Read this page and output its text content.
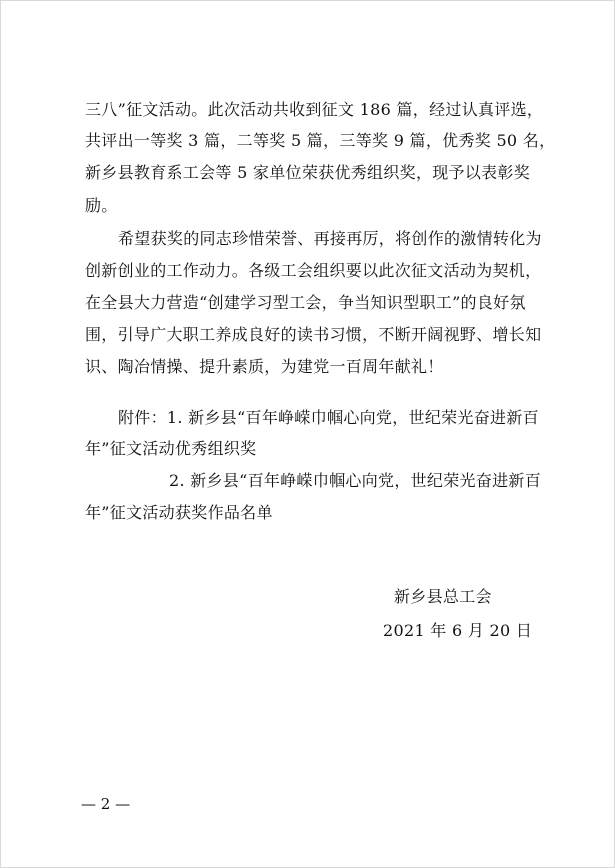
三八”征文活动。此次活动共收到征文 186 篇，经过认真评选，
共评出一等奖 3 篇，二等奖 5 篇，三等奖 9 篇，优秀奖 50 名，
新乡县教育系工会等 5 家单位荣获优秀组织奖，现予以表彰奖
励。
希望获奖的同志珍惜荣誉、再接再厉，将创作的激情转化为
创新创业的工作动力。各级工会组织要以此次征文活动为契机，
在全县大力营造“创建学习型工会，争当知识型职工”的良好氛
围，引导广大职工养成良好的读书习惯，不断开阔视野、增长知
识、陶冶情操、提升素质，为建党一百周年献礼！
附件：1. 新乡县“百年峥嵘巾帼心向党，世纪荣光奋进新百
年”征文活动优秀组织奖
2. 新乡县“百年峥嵘巾帼心向党，世纪荣光奋进新百
年”征文活动获奖作品名单
新乡县总工会
2021 年 6 月 20 日
— 2 —
